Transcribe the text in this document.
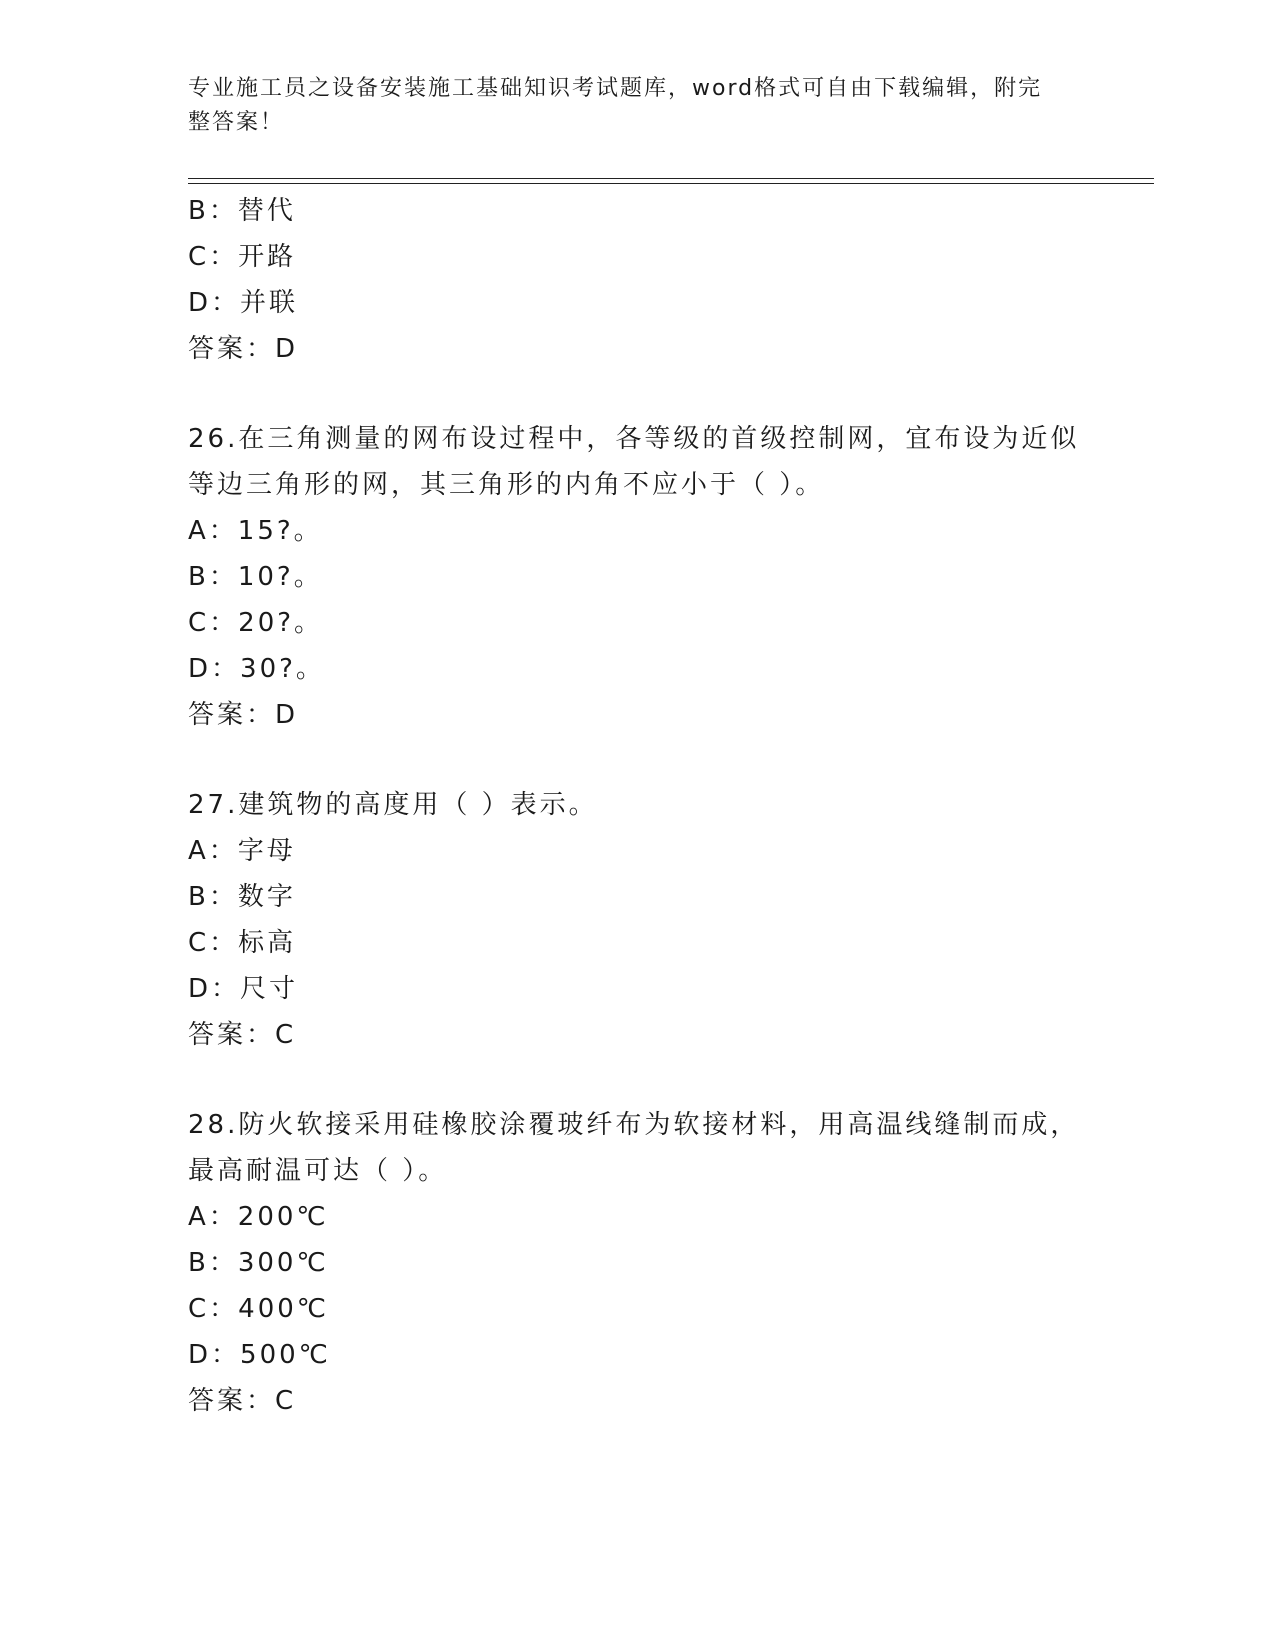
专业施工员之设备安装施工基础知识考试题库，word格式可自由下载编辑，附完
整答案！
B：替代
C：开路
D：并联
答案：D
26.在三角测量的网布设过程中，各等级的首级控制网，宜布设为近似
等边三角形的网，其三角形的内角不应小于（ ）。
A：15?。
B：10?。
C：20?。
D：30?。
答案：D
27.建筑物的高度用（ ）表示。
A：字母
B：数字
C：标高
D：尺寸
答案：C
28.防火软接采用硅橡胶涂覆玻纤布为软接材料，用高温线缝制而成，
最高耐温可达（ ）。
A：200℃
B：300℃
C：400℃
D：500℃
答案：C
